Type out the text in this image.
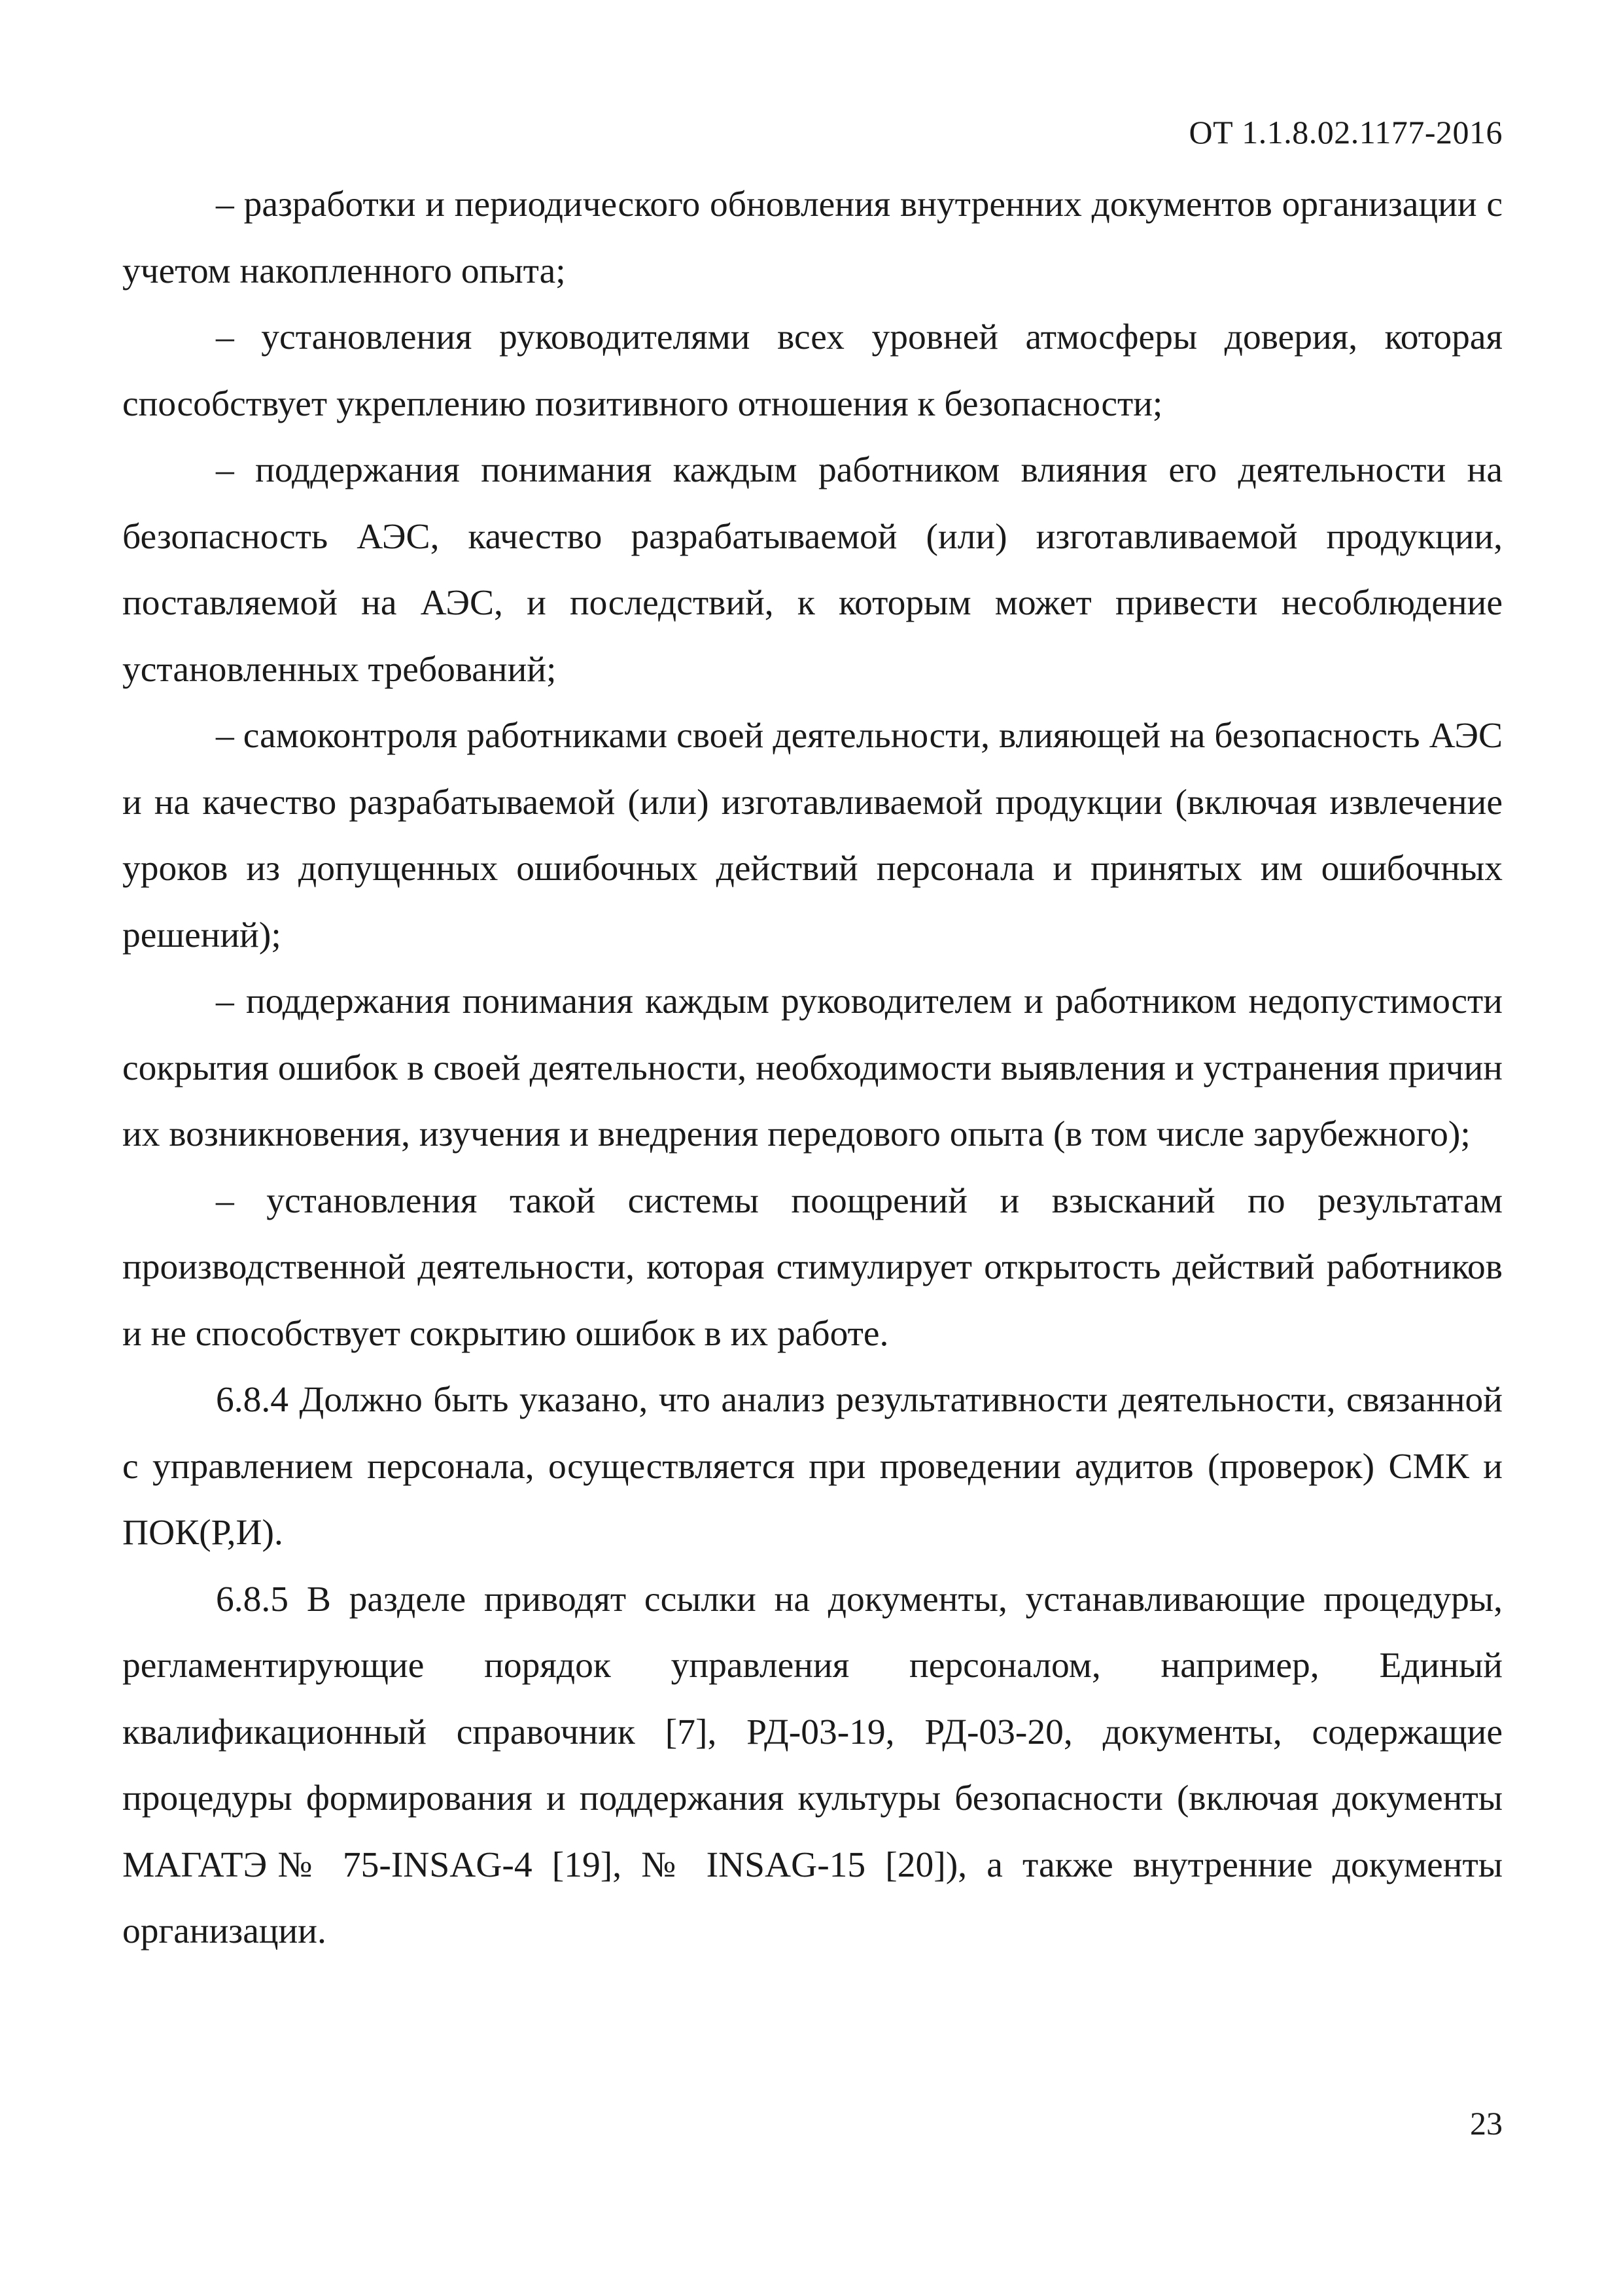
ОТ 1.1.8.02.1177-2016

– разработки и периодического обновления внутренних документов организации с учетом накопленного опыта;

– установления руководителями всех уровней атмосферы доверия, которая способствует укреплению позитивного отношения к безопасности;

– поддержания понимания каждым работником влияния его деятельности на безопасность АЭС, качество разрабатываемой (или) изготавливаемой продукции, поставляемой на АЭС, и последствий, к которым может привести несоблюдение установленных требований;

– самоконтроля работниками своей деятельности, влияющей на безопасность АЭС и на качество разрабатываемой (или) изготавливаемой продукции (включая извлечение уроков из допущенных ошибочных действий персонала и принятых им ошибочных решений);

– поддержания понимания каждым руководителем и работником недопустимости сокрытия ошибок в своей деятельности, необходимости выявления и устранения причин их возникновения, изучения и внедрения передового опыта (в том числе зарубежного);

– установления такой системы поощрений и взысканий по результатам производственной деятельности, которая стимулирует открытость действий работников и не способствует сокрытию ошибок в их работе.

6.8.4 Должно быть указано, что анализ результативности деятельности, связанной с управлением персонала, осуществляется при проведении аудитов (проверок) СМК и ПОК(Р,И).

6.8.5 В разделе приводят ссылки на документы, устанавливающие процедуры, регламентирующие порядок управления персоналом, например, Единый квалификационный справочник [7], РД-03-19, РД-03-20, документы, содержащие процедуры формирования и поддержания культуры безопасности (включая документы МАГАТЭ№ 75-INSAG-4 [19], № INSAG-15 [20]), а также внутренние документы организации.

23
